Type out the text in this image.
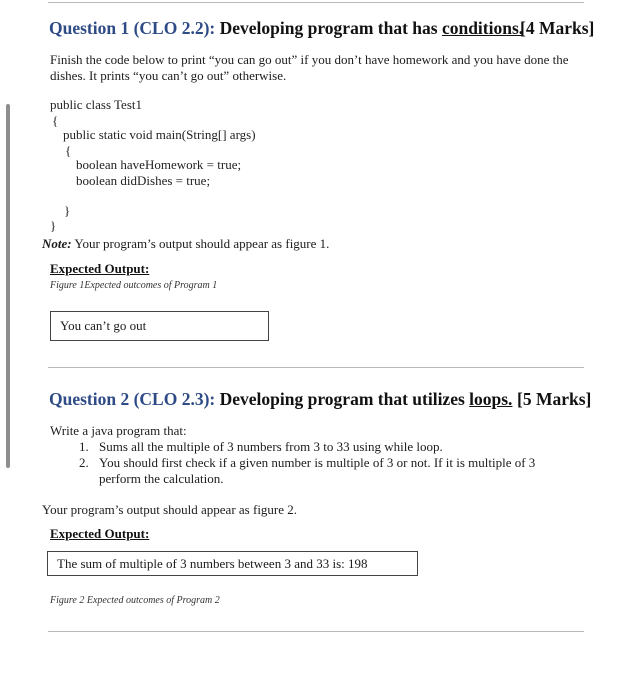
Question 1 (CLO 2.2): Developing program that has conditions.
[4 Marks]
Finish the code below to print “you can go out” if you don’t have homework and you have done the
dishes. It prints “you can’t go out” otherwise.
public class Test1
{
public static void main(String[] args)
{
boolean haveHomework = true;
boolean didDishes = true;
}
}
Note: Your program’s output should appear as figure 1.
Expected Output:
Figure 1Expected outcomes of Program 1
You can’t go out
Question 2 (CLO 2.3): Developing program that utilizes loops. [5 Marks]
Write a java program that:
1. Sums all the multiple of 3 numbers from 3 to 33 using while loop.
2. You should first check if a given number is multiple of 3 or not. If it is multiple of 3
perform the calculation.
Your program’s output should appear as figure 2.
Expected Output:
The sum of multiple of 3 numbers between 3 and 33 is: 198
Figure 2 Expected outcomes of Program 2
